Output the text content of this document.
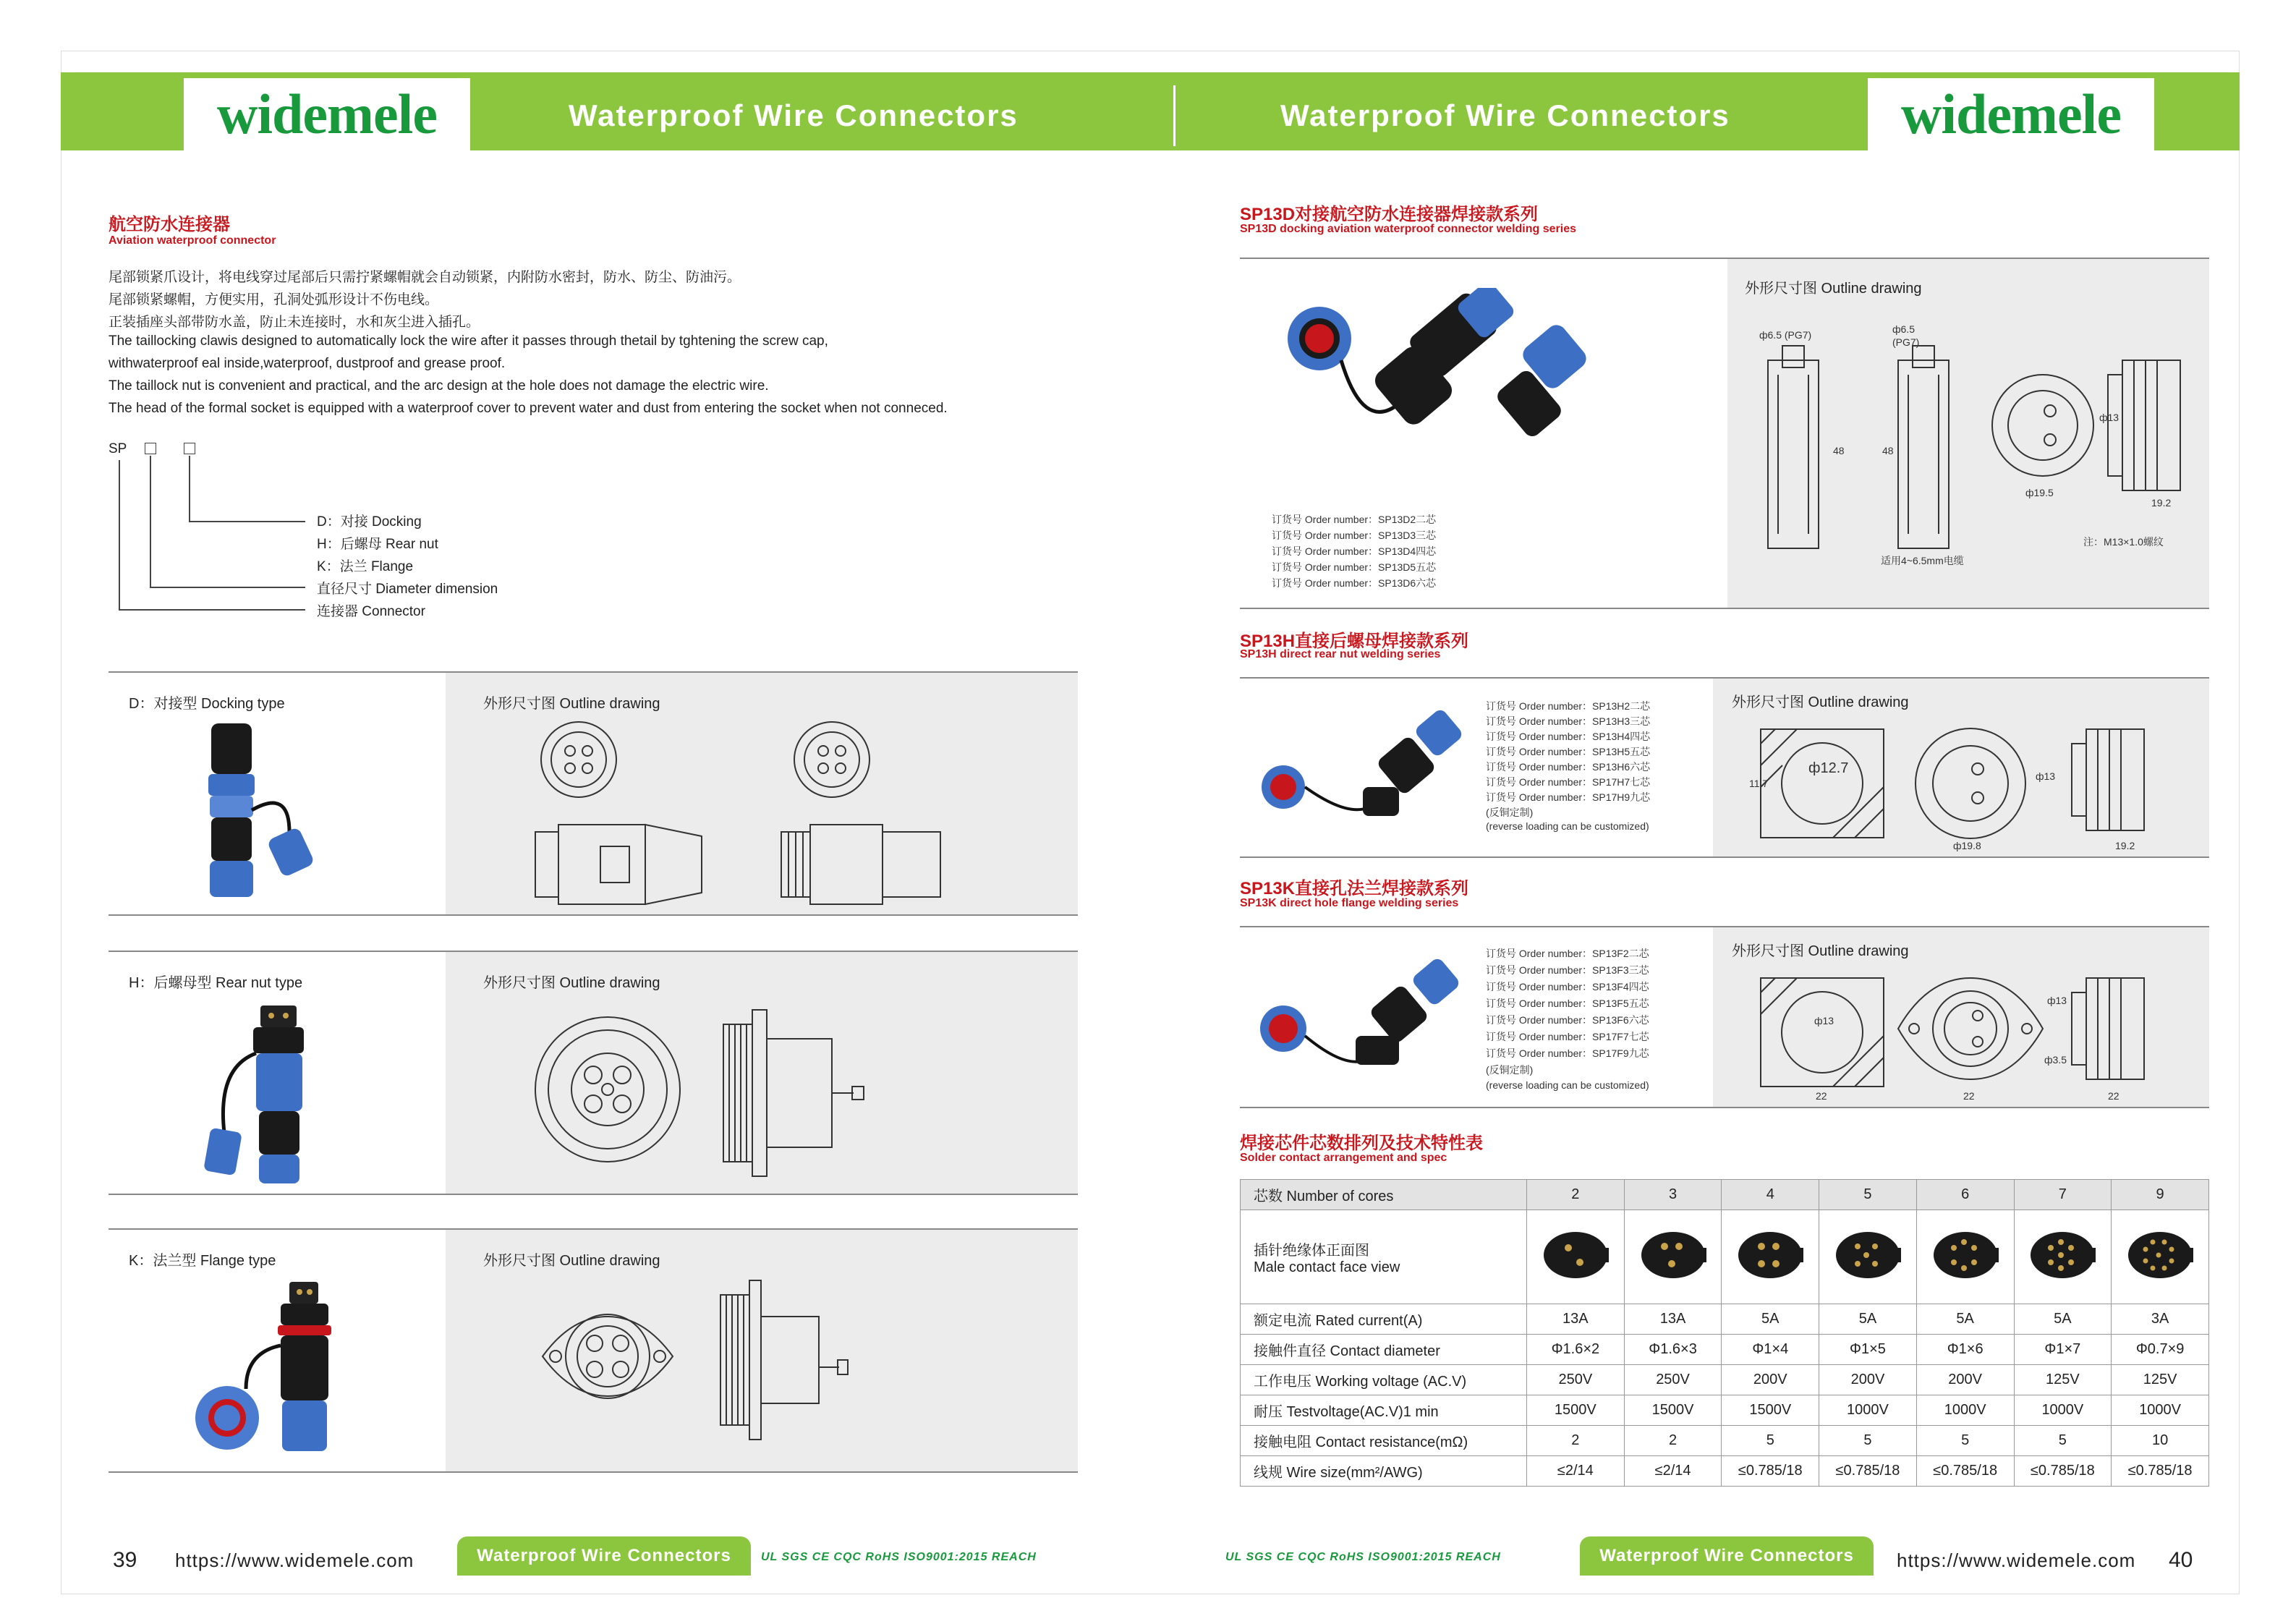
widemele	Waterproof Wire Connectors	Waterproof Wire Connectors	widemele
航空防水连接器
Aviation waterproof connector
尾部锁紧爪设计，将电线穿过尾部后只需拧紧螺帽就会自动锁紧，内附防水密封，防水、防尘、防油污。
尾部锁紧螺帽，方便实用，孔洞处弧形设计不伤电线。
正装插座头部带防水盖，防止未连接时，水和灰尘进入插孔。
The taillocking clawis designed to automatically lock the wire after it passes through thetail by tghtening the screw cap,
withwaterproof eal inside,waterproof, dustproof and grease proof.
The taillock nut is convenient and practical, and the arc design at the hole does not damage the electric wire.
The head of the formal socket is equipped with a waterproof cover to prevent water and dust from entering the socket when not conneced.
SP
D：对接 Docking
H：后螺母 Rear nut
K：法兰 Flange
直径尺寸 Diameter dimension
连接器 Connector
D：对接型 Docking type	外形尺寸图 Outline drawing
H：后螺母型 Rear nut type	外形尺寸图 Outline drawing
K：法兰型 Flange type	外形尺寸图 Outline drawing
SP13D对接航空防水连接器焊接款系列
SP13D docking aviation waterproof connector welding series
订货号 Order number：SP13D2二芯
订货号 Order number：SP13D3三芯
订货号 Order number：SP13D4四芯
订货号 Order number：SP13D5五芯
订货号 Order number：SP13D6六芯
外形尺寸图 Outline drawing
ф6.5 (PG7)	ф6.5
(PG7)
48	48
ф19.5
ф13
19.2
适用4~6.5mm电缆
注：M13×1.0螺纹
SP13H直接后螺母焊接款系列
SP13H direct rear nut welding series
订货号 Order number：SP13H2二芯
订货号 Order number：SP13H3三芯
订货号 Order number：SP13H4四芯
订货号 Order number：SP13H5五芯
订货号 Order number：SP13H6六芯
订货号 Order number：SP17H7七芯
订货号 Order number：SP17H9九芯
(反铜定制)
(reverse loading can be customized)
外形尺寸图 Outline drawing
ф12.7
11.7
ф19.8
ф13
19.2
SP13K直接孔法兰焊接款系列
SP13K direct hole flange welding series
订货号 Order number：SP13F2二芯
订货号 Order number：SP13F3三芯
订货号 Order number：SP13F4四芯
订货号 Order number：SP13F5五芯
订货号 Order number：SP13F6六芯
订货号 Order number：SP17F7七芯
订货号 Order number：SP17F9九芯
(反铜定制)
(reverse loading can be customized)
外形尺寸图 Outline drawing
ф13
22	22	22
ф13
ф3.5
焊接芯件芯数排列及技术特性表
Solder contact arrangement and spec
芯数 Number of cores	2	3	4	5	6	7	9

插针绝缘体正面图
Male contact face view

额定电流 Rated current(A)	13A	13A	5A	5A	5A	5A	3A
接触件直径 Contact diameter	Φ1.6×2	Φ1.6×3	Φ1×4	Φ1×5	Φ1×6	Φ1×7	Φ0.7×9
工作电压 Working voltage (AC.V)	250V	250V	200V	200V	200V	125V	125V
耐压 Testvoltage(AC.V)1 min	1500V	1500V	1500V	1000V	1000V	1000V	1000V
接触电阻 Contact resistance(mΩ)	2	2	5	5	5	5	10
线规 Wire size(mm²/AWG)	≤2/14	≤2/14	≤0.785/18	≤0.785/18	≤0.785/18	≤0.785/18	≤0.785/18
39 https://www.widemele.com	Waterproof Wire Connectors	UL SGS CE CQC RoHS ISO9001:2015 REACH	UL SGS CE CQC RoHS ISO9001:2015 REACH	Waterproof Wire Connectors	https://www.widemele.com 40
